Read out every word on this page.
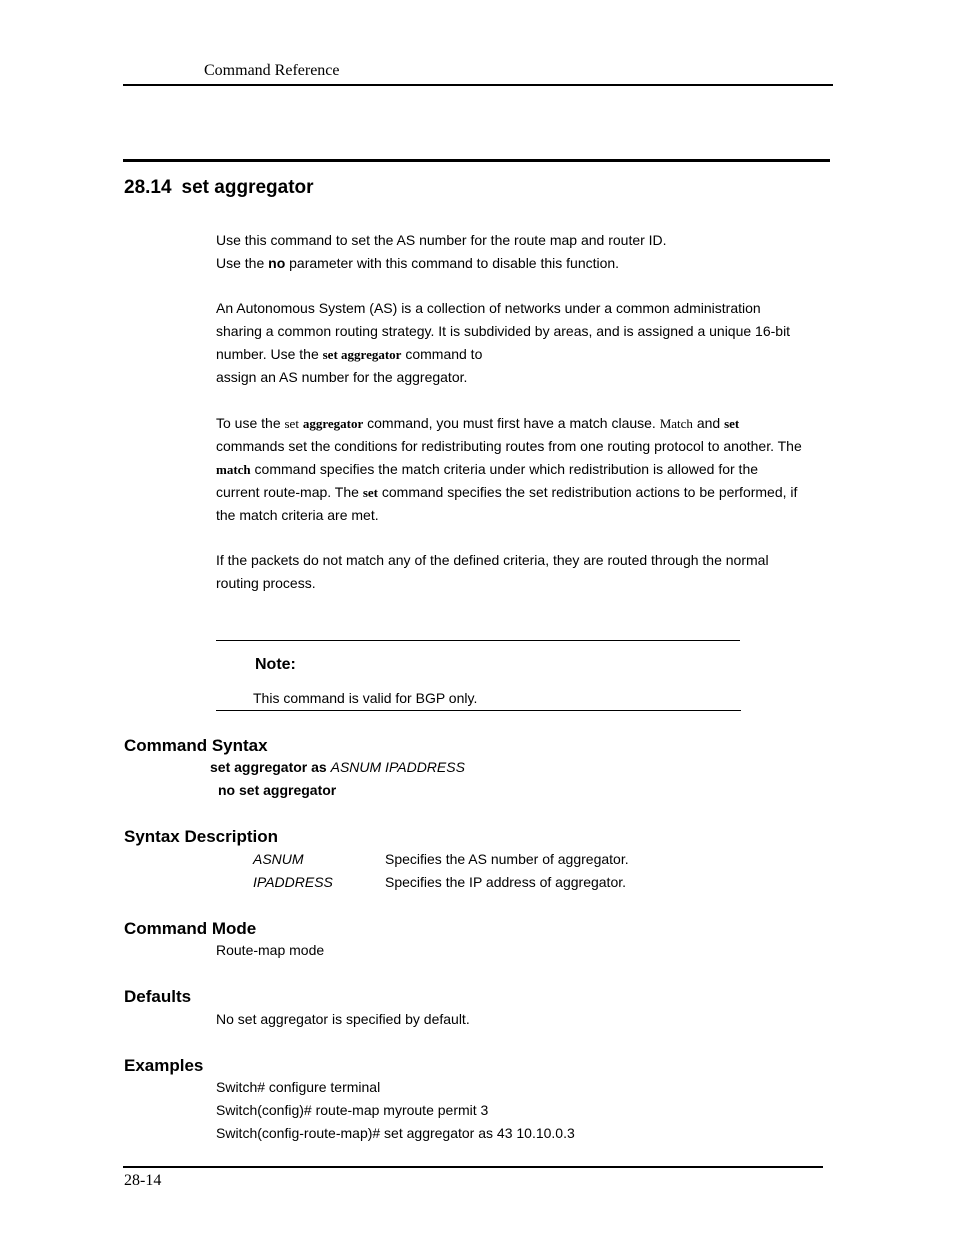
Command Reference
28.14 set aggregator
Use this command to set the AS number for the route map and router ID.
Use the no parameter with this command to disable this function.
An Autonomous System (AS) is a collection of networks under a common administration
sharing a common routing strategy. It is subdivided by areas, and is assigned a unique 16-bit
number. Use the set aggregator command to
assign an AS number for the aggregator.
To use the set aggregator command, you must first have a match clause. Match and set
commands set the conditions for redistributing routes from one routing protocol to another. The
match command specifies the match criteria under which redistribution is allowed for the
current route-map. The set command specifies the set redistribution actions to be performed, if
the match criteria are met.
If the packets do not match any of the defined criteria, they are routed through the normal
routing process.
Note:
This command is valid for BGP only.
Command Syntax
set aggregator as ASNUM IPADDRESS
no set aggregator
Syntax Description
ASNUM	Specifies the AS number of aggregator.
IPADDRESS	Specifies the IP address of aggregator.
Command Mode
Route-map mode
Defaults
No set aggregator is specified by default.
Examples
Switch# configure terminal
Switch(config)# route-map myroute permit 3
Switch(config-route-map)# set aggregator as 43 10.10.0.3
28-14
